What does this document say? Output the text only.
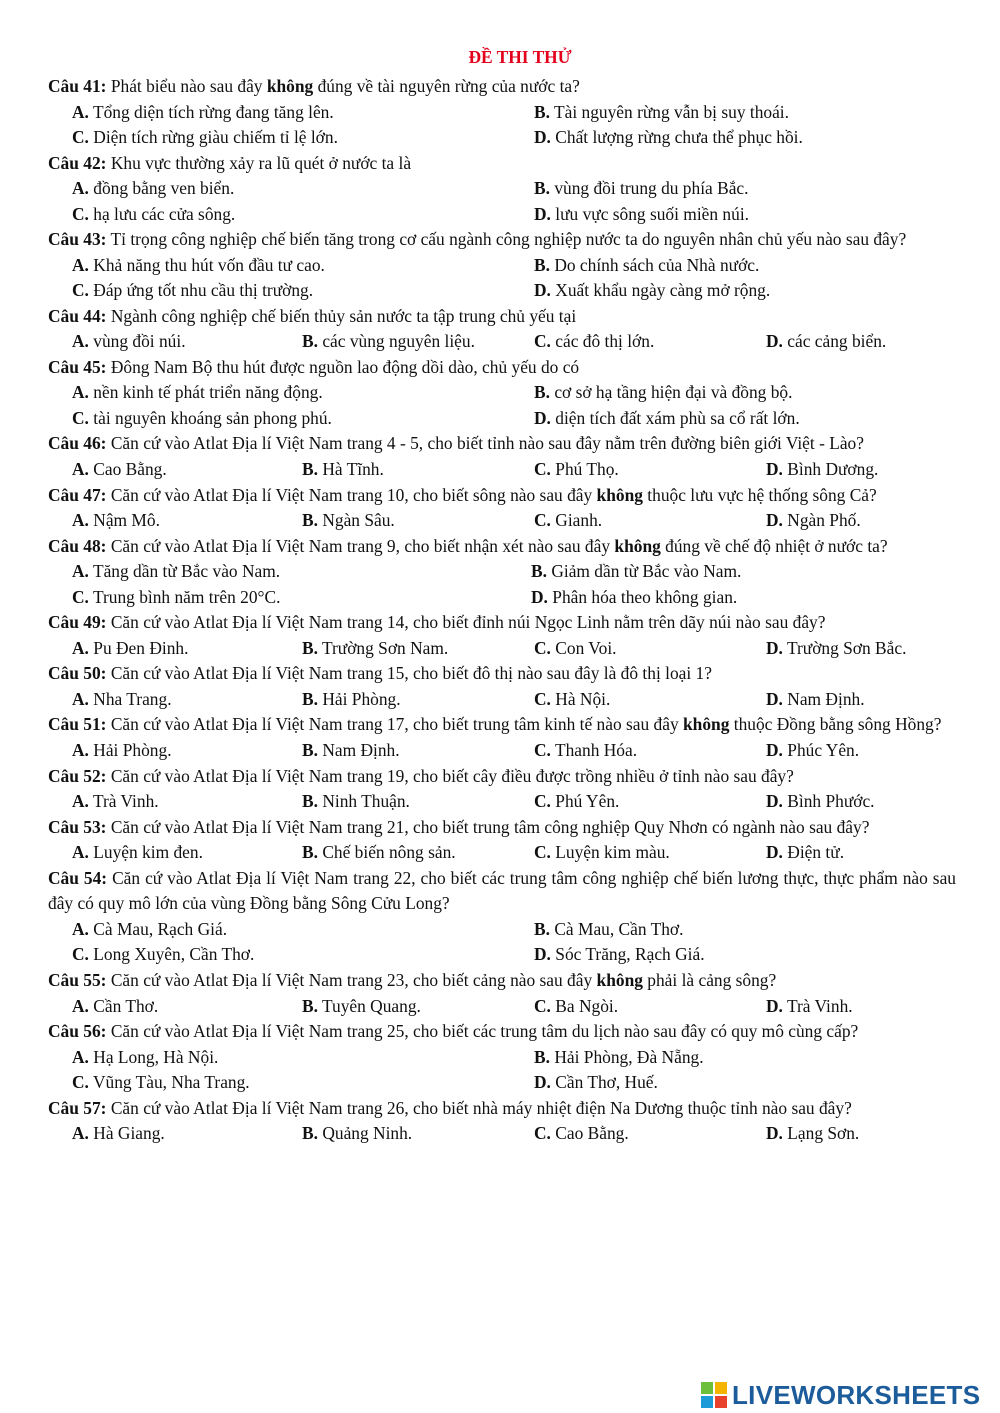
ĐỀ THI THỬ
Câu 41: Phát biểu nào sau đây không đúng về tài nguyên rừng của nước ta?
A. Tổng diện tích rừng đang tăng lên.	B. Tài nguyên rừng vẫn bị suy thoái.
C. Diện tích rừng giàu chiếm tỉ lệ lớn.	D. Chất lượng rừng chưa thể phục hồi.
Câu 42: Khu vực thường xảy ra lũ quét ở nước ta là
A. đồng bằng ven biển.	B. vùng đồi trung du phía Bắc.
C. hạ lưu các cửa sông.	D. lưu vực sông suối miền núi.
Câu 43: Tỉ trọng công nghiệp chế biến tăng trong cơ cấu ngành công nghiệp nước ta do nguyên nhân chủ yếu nào sau đây?
A. Khả năng thu hút vốn đầu tư cao.	B. Do chính sách của Nhà nước.
C. Đáp ứng tốt nhu cầu thị trường.	D. Xuất khẩu ngày càng mở rộng.
Câu 44: Ngành công nghiệp chế biến thủy sản nước ta tập trung chủ yếu tại
A. vùng đồi núi.	B. các vùng nguyên liệu.	C. các đô thị lớn.	D. các cảng biển.
Câu 45: Đông Nam Bộ thu hút được nguồn lao động dồi dào, chủ yếu do có
A. nền kinh tế phát triển năng động.	B. cơ sở hạ tầng hiện đại và đồng bộ.
C. tài nguyên khoáng sản phong phú.	D. diện tích đất xám phù sa cổ rất lớn.
Câu 46: Căn cứ vào Atlat Địa lí Việt Nam trang 4 - 5, cho biết tỉnh nào sau đây nằm trên đường biên giới Việt - Lào?
A. Cao Bằng.	B. Hà Tĩnh.	C. Phú Thọ.	D. Bình Dương.
Câu 47: Căn cứ vào Atlat Địa lí Việt Nam trang 10, cho biết sông nào sau đây không thuộc lưu vực hệ thống sông Cả?
A. Nậm Mô.	B. Ngàn Sâu.	C. Gianh.	D. Ngàn Phố.
Câu 48: Căn cứ vào Atlat Địa lí Việt Nam trang 9, cho biết nhận xét nào sau đây không đúng về chế độ nhiệt ở nước ta?
A. Tăng dần từ Bắc vào Nam.	B. Giảm dần từ Bắc vào Nam.
C. Trung bình năm trên 20°C.	D. Phân hóa theo không gian.
Câu 49: Căn cứ vào Atlat Địa lí Việt Nam trang 14, cho biết đỉnh núi Ngọc Linh nằm trên dãy núi nào sau đây?
A. Pu Đen Đinh.	B. Trường Sơn Nam.	C. Con Voi.	D. Trường Sơn Bắc.
Câu 50: Căn cứ vào Atlat Địa lí Việt Nam trang 15, cho biết đô thị nào sau đây là đô thị loại 1?
A. Nha Trang.	B. Hải Phòng.	C. Hà Nội.	D. Nam Định.
Câu 51: Căn cứ vào Atlat Địa lí Việt Nam trang 17, cho biết trung tâm kinh tế nào sau đây không thuộc Đồng bằng sông Hồng?
A. Hải Phòng.	B. Nam Định.	C. Thanh Hóa.	D. Phúc Yên.
Câu 52: Căn cứ vào Atlat Địa lí Việt Nam trang 19, cho biết cây điều được trồng nhiều ở tỉnh nào sau đây?
A. Trà Vinh.	B. Ninh Thuận.	C. Phú Yên.	D. Bình Phước.
Câu 53: Căn cứ vào Atlat Địa lí Việt Nam trang 21, cho biết trung tâm công nghiệp Quy Nhơn có ngành nào sau đây?
A. Luyện kim đen.	B. Chế biến nông sản.	C. Luyện kim màu.	D. Điện tử.
Câu 54: Căn cứ vào Atlat Địa lí Việt Nam trang 22, cho biết các trung tâm công nghiệp chế biến lương thực, thực phẩm nào sau đây có quy mô lớn của vùng Đồng bằng Sông Cửu Long?
A. Cà Mau, Rạch Giá.	B. Cà Mau, Cần Thơ.
C. Long Xuyên, Cần Thơ.	D. Sóc Trăng, Rạch Giá.
Câu 55: Căn cứ vào Atlat Địa lí Việt Nam trang 23, cho biết cảng nào sau đây không phải là cảng sông?
A. Cần Thơ.	B. Tuyên Quang.	C. Ba Ngòi.	D. Trà Vinh.
Câu 56: Căn cứ vào Atlat Địa lí Việt Nam trang 25, cho biết các trung tâm du lịch nào sau đây có quy mô cùng cấp?
A. Hạ Long, Hà Nội.	B. Hải Phòng, Đà Nẵng.
C. Vũng Tàu, Nha Trang.	D. Cần Thơ, Huế.
Câu 57: Căn cứ vào Atlat Địa lí Việt Nam trang 26, cho biết nhà máy nhiệt điện Na Dương thuộc tỉnh nào sau đây?
A. Hà Giang.	B. Quảng Ninh.	C. Cao Bằng.	D. Lạng Sơn.
LIVEWORKSHEETS
